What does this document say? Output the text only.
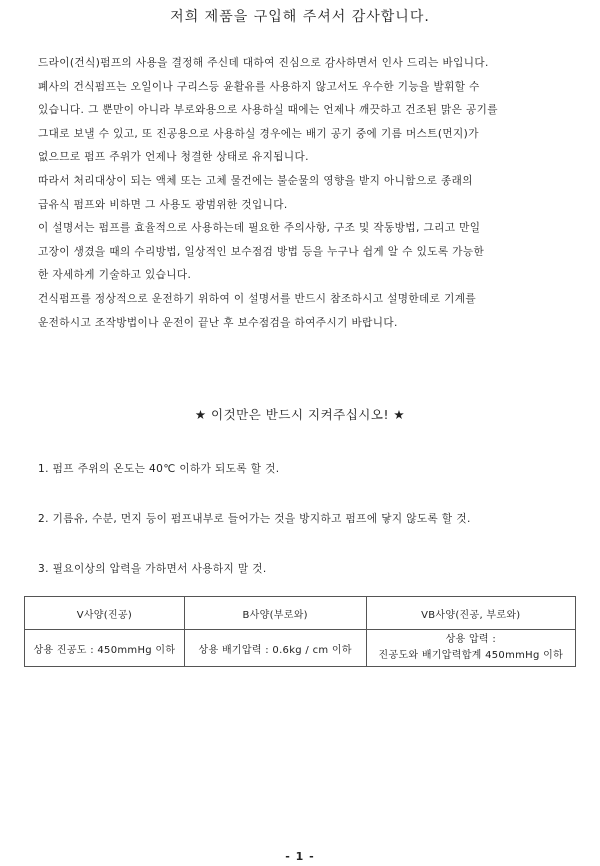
저희 제품을 구입해 주셔서 감사합니다.

드라이(건식)펌프의 사용을 결정해 주신데 대하여 진심으로 감사하면서 인사 드리는 바입니다.

폐사의 건식펌프는 오일이나 구리스등 윤활유를 사용하지 않고서도 우수한 기능을 발휘할 수

있습니다. 그 뿐만이 아니라 부로와용으로 사용하실 때에는 언제나 깨끗하고 건조된 맑은 공기를

그대로 보낼 수 있고, 또 진공용으로 사용하실 경우에는 배기 공기 중에 기름 머스트(먼지)가

없으므로 펌프 주위가 언제나 청결한 상태로 유지됩니다.

따라서 처리대상이 되는 액체 또는 고체 물건에는 불순물의 영향을 받지 아니함으로 종래의

급유식 펌프와 비하면 그 사용도 광범위한 것입니다.

이 설명서는 펌프를 효율적으로 사용하는데 필요한 주의사항, 구조 및 작동방법, 그리고 만일

고장이 생겼을 때의 수리방법, 일상적인 보수점검 방법 등을 누구나 쉽게 알 수 있도록 가능한

한 자세하게 기술하고 있습니다.

건식펌프를 정상적으로 운전하기 위하여 이 설명서를 반드시 참조하시고 설명한데로 기계를

운전하시고 조작방법이나 운전이 끝난 후 보수점검을 하여주시기 바랍니다.

★ 이것만은 반드시 지켜주십시오! ★

1. 펌프 주위의 온도는 40℃ 이하가 되도록 할 것.

2. 기름유, 수분, 먼지 등이 펌프내부로 들어가는 것을 방지하고 펌프에 닿지 않도록 할 것.

3. 필요이상의 압력을 가하면서 사용하지 말 것.

V사양(진공)	B사양(부로와)	VB사양(진공, 부로와)
상용 진공도 : 450mmHg 이하	상용 배기압력 : 0.6kg / cm 이하	상용 압력 :
진공도와 배기압력합계 450mmHg 이하
- 1 -
